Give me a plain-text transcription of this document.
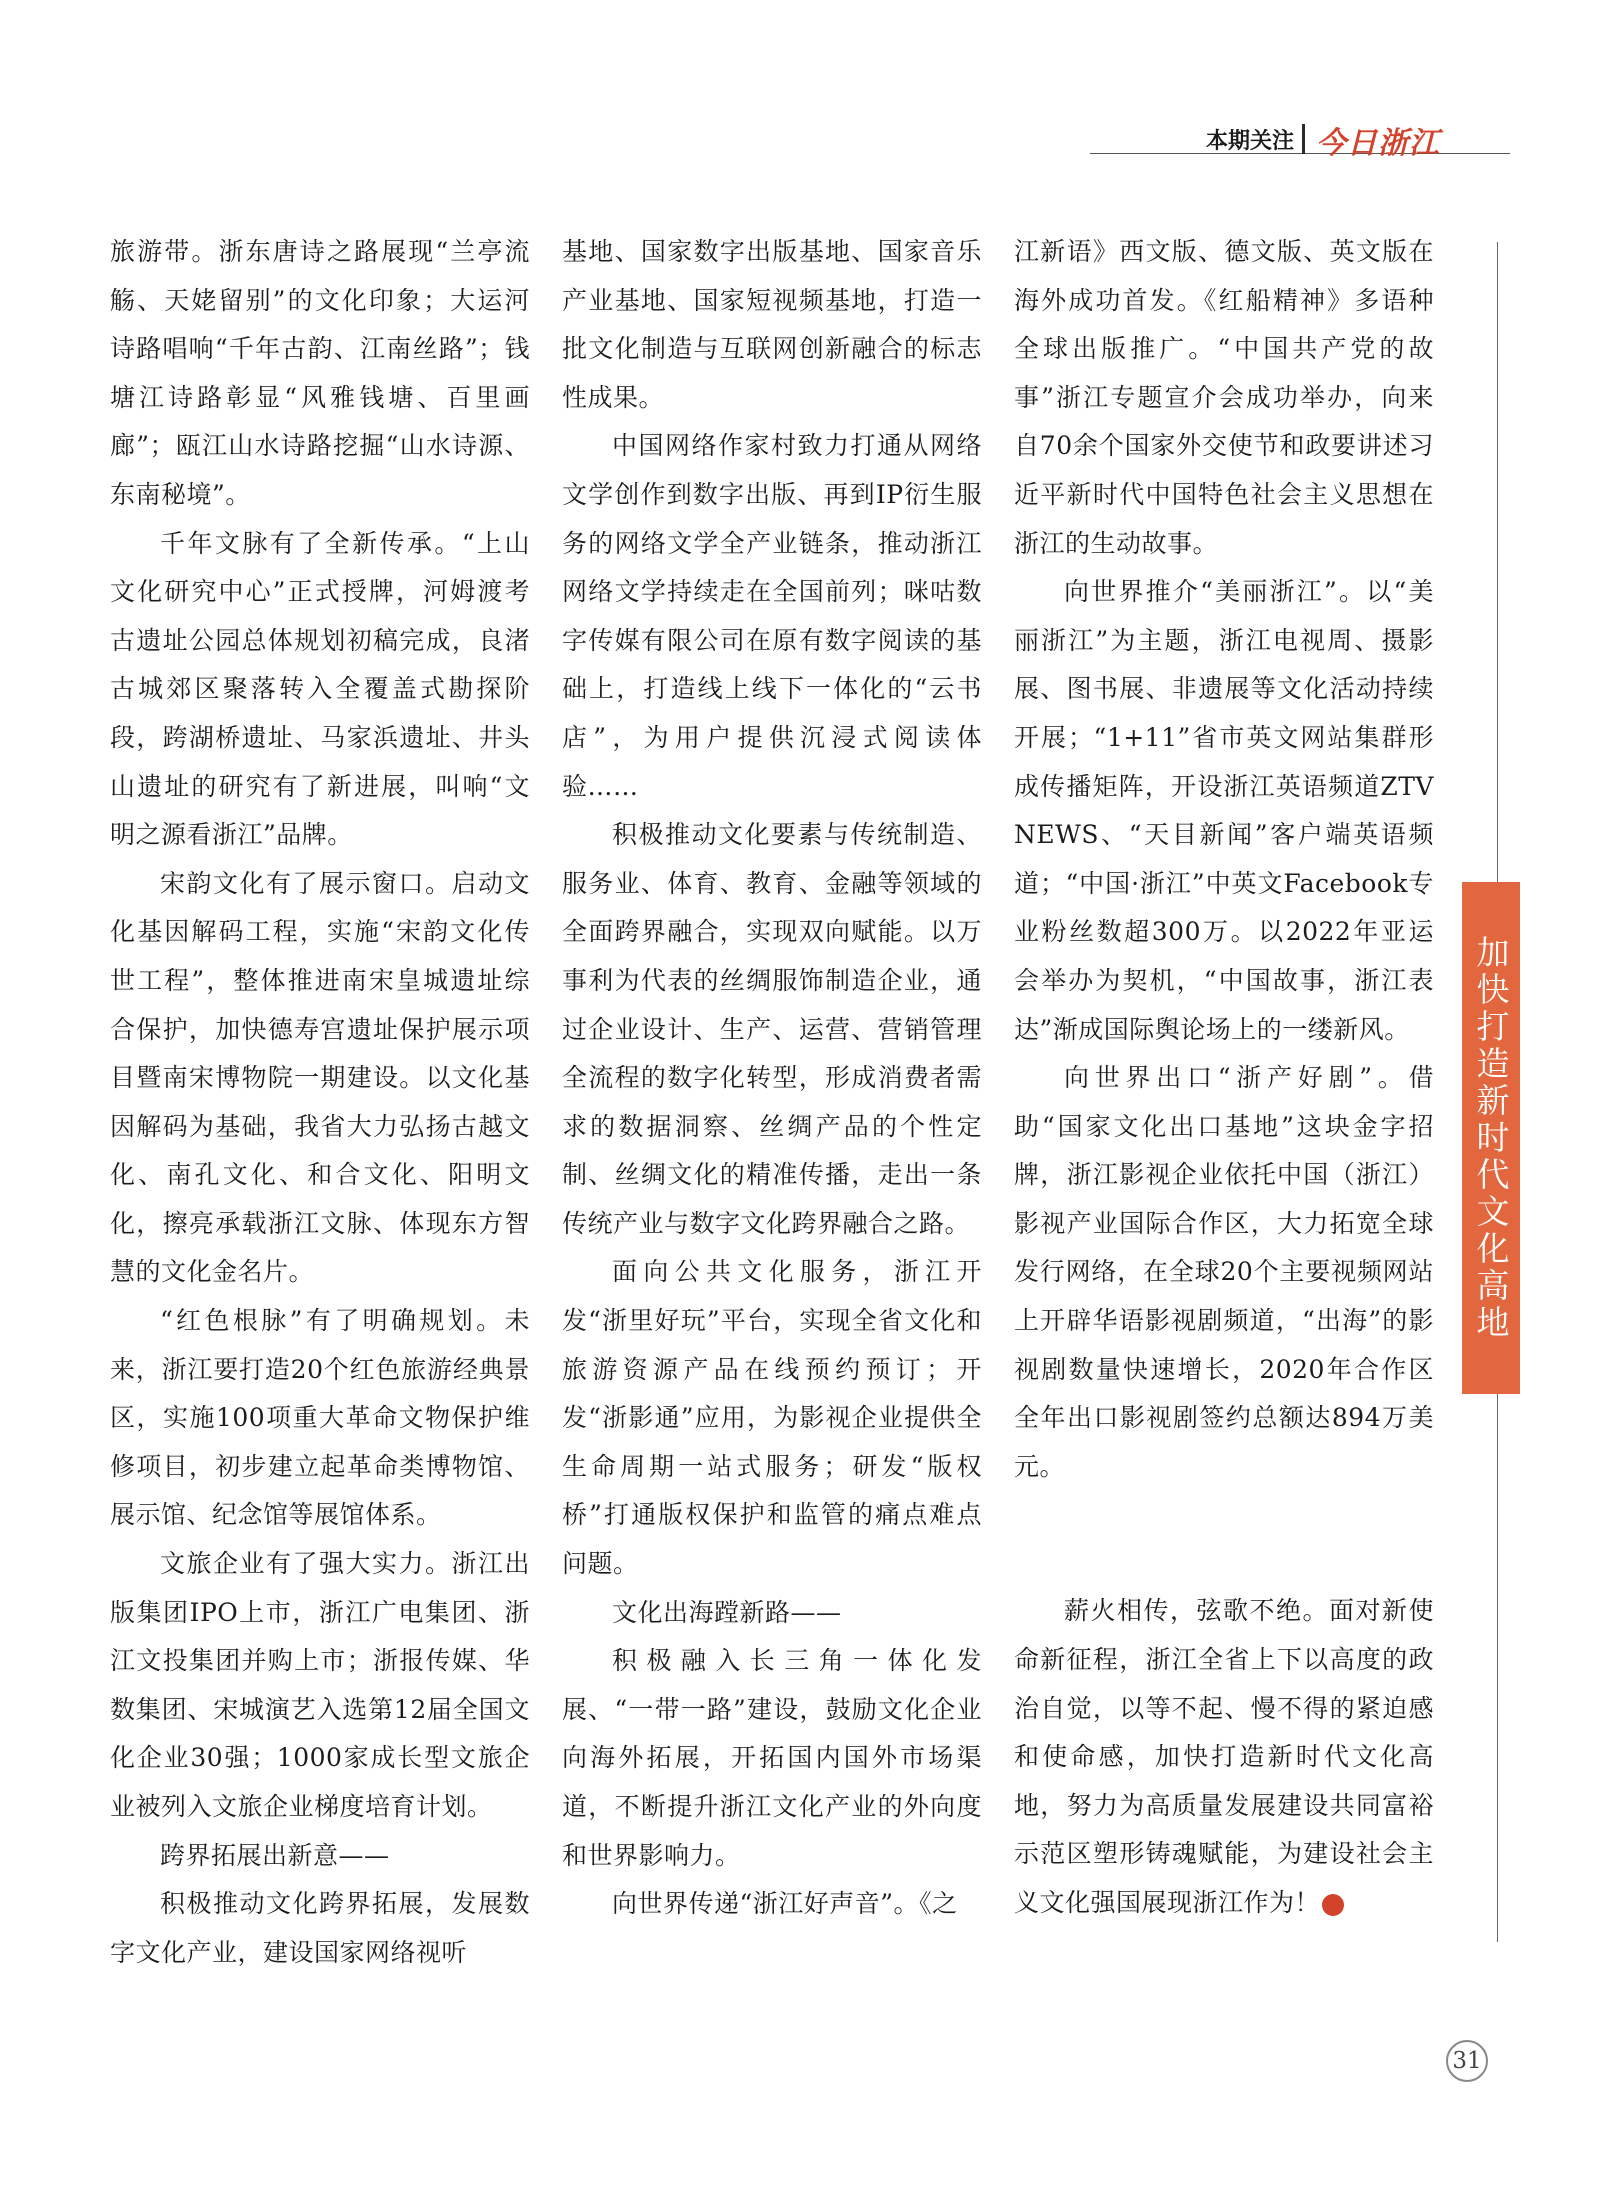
本期关注 今日浙江

旅游带。浙东唐诗之路展现“兰亭流觞、天姥留别”的文化印象；大运河诗路唱响“千年古韵、江南丝路”；钱塘江诗路彰显“风雅钱塘、百里画廊”；瓯江山水诗路挖掘“山水诗源、东南秘境”。

千年文脉有了全新传承。“上山文化研究中心”正式授牌，河姆渡考古遗址公园总体规划初稿完成，良渚古城郊区聚落转入全覆盖式勘探阶段，跨湖桥遗址、马家浜遗址、井头山遗址的研究有了新进展，叫响“文明之源看浙江”品牌。

宋韵文化有了展示窗口。启动文化基因解码工程，实施“宋韵文化传世工程”，整体推进南宋皇城遗址综合保护，加快德寿宫遗址保护展示项目暨南宋博物院一期建设。以文化基因解码为基础，我省大力弘扬古越文化、南孔文化、和合文化、阳明文化，擦亮承载浙江文脉、体现东方智慧的文化金名片。

“红色根脉”有了明确规划。未来，浙江要打造20个红色旅游经典景区，实施100项重大革命文物保护维修项目，初步建立起革命类博物馆、展示馆、纪念馆等展馆体系。

文旅企业有了强大实力。浙江出版集团IPO上市，浙江广电集团、浙江文投集团并购上市；浙报传媒、华数集团、宋城演艺入选第12届全国文化企业30强；1000家成长型文旅企业被列入文旅企业梯度培育计划。

跨界拓展出新意——

积极推动文化跨界拓展，发展数字文化产业，建设国家网络视听

基地、国家数字出版基地、国家音乐产业基地、国家短视频基地，打造一批文化制造与互联网创新融合的标志性成果。

中国网络作家村致力打通从网络文学创作到数字出版、再到IP衍生服务的网络文学全产业链条，推动浙江网络文学持续走在全国前列；咪咕数字传媒有限公司在原有数字阅读的基础上，打造线上线下一体化的“云书店”，为用户提供沉浸式阅读体验……

积极推动文化要素与传统制造、服务业、体育、教育、金融等领域的全面跨界融合，实现双向赋能。以万事利为代表的丝绸服饰制造企业，通过企业设计、生产、运营、营销管理全流程的数字化转型，形成消费者需求的数据洞察、丝绸产品的个性定制、丝绸文化的精准传播，走出一条传统产业与数字文化跨界融合之路。

面向公共文化服务，浙江开发“浙里好玩”平台，实现全省文化和旅游资源产品在线预约预订；开发“浙影通”应用，为影视企业提供全生命周期一站式服务；研发“版权桥”打通版权保护和监管的痛点难点问题。

文化出海蹚新路——

积极融入长三角一体化发展、“一带一路”建设，鼓励文化企业向海外拓展，开拓国内国外市场渠道，不断提升浙江文化产业的外向度和世界影响力。

向世界传递“浙江好声音”。《之

江新语》西文版、德文版、英文版在海外成功首发。《红船精神》多语种全球出版推广。“中国共产党的故事”浙江专题宣介会成功举办，向来自70余个国家外交使节和政要讲述习近平新时代中国特色社会主义思想在浙江的生动故事。

向世界推介“美丽浙江”。以“美丽浙江”为主题，浙江电视周、摄影展、图书展、非遗展等文化活动持续开展；“1+11”省市英文网站集群形成传播矩阵，开设浙江英语频道ZTV NEWS、“天目新闻”客户端英语频道；“中国·浙江”中英文Facebook专业粉丝数超300万。以2022年亚运会举办为契机，“中国故事，浙江表达”渐成国际舆论场上的一缕新风。

向世界出口“浙产好剧”。借助“国家文化出口基地”这块金字招牌，浙江影视企业依托中国（浙江）影视产业国际合作区，大力拓宽全球发行网络，在全球20个主要视频网站上开辟华语影视剧频道，“出海”的影视剧数量快速增长，2020年合作区全年出口影视剧签约总额达894万美元。

薪火相传，弦歌不绝。面对新使命新征程，浙江全省上下以高度的政治自觉，以等不起、慢不得的紧迫感和使命感，加快打造新时代文化高地，努力为高质量发展建设共同富裕示范区塑形铸魂赋能，为建设社会主义文化强国展现浙江作为！

加快打造新时代文化高地
31
